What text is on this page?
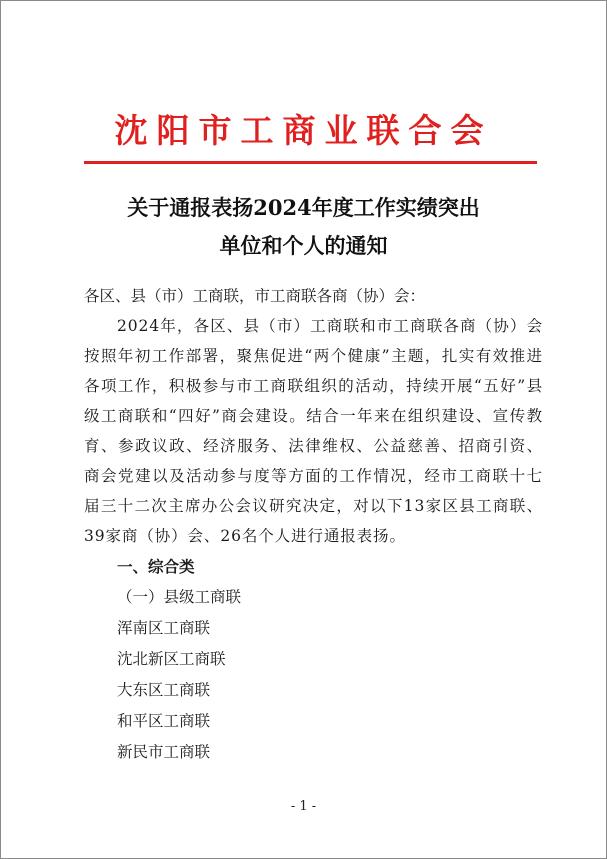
沈阳市工商业联合会
关于通报表扬2024年度工作实绩突出
单位和个人的通知

各区、县（市）工商联，市工商联各商（协）会：

2024年，各区、县（市）工商联和市工商联各商（协）会按照年初工作部署，聚焦促进“两个健康”主题，扎实有效推进各项工作，积极参与市工商联组织的活动，持续开展“五好”县级工商联和“四好”商会建设。结合一年来在组织建设、宣传教育、参政议政、经济服务、法律维权、公益慈善、招商引资、商会党建以及活动参与度等方面的工作情况，经市工商联十七届三十二次主席办公会议研究决定，对以下13家区县工商联、39家商（协）会、26名个人进行通报表扬。

一、综合类

（一）县级工商联

浑南区工商联
沈北新区工商联
大东区工商联
和平区工商联
新民市工商联
- 1 -
